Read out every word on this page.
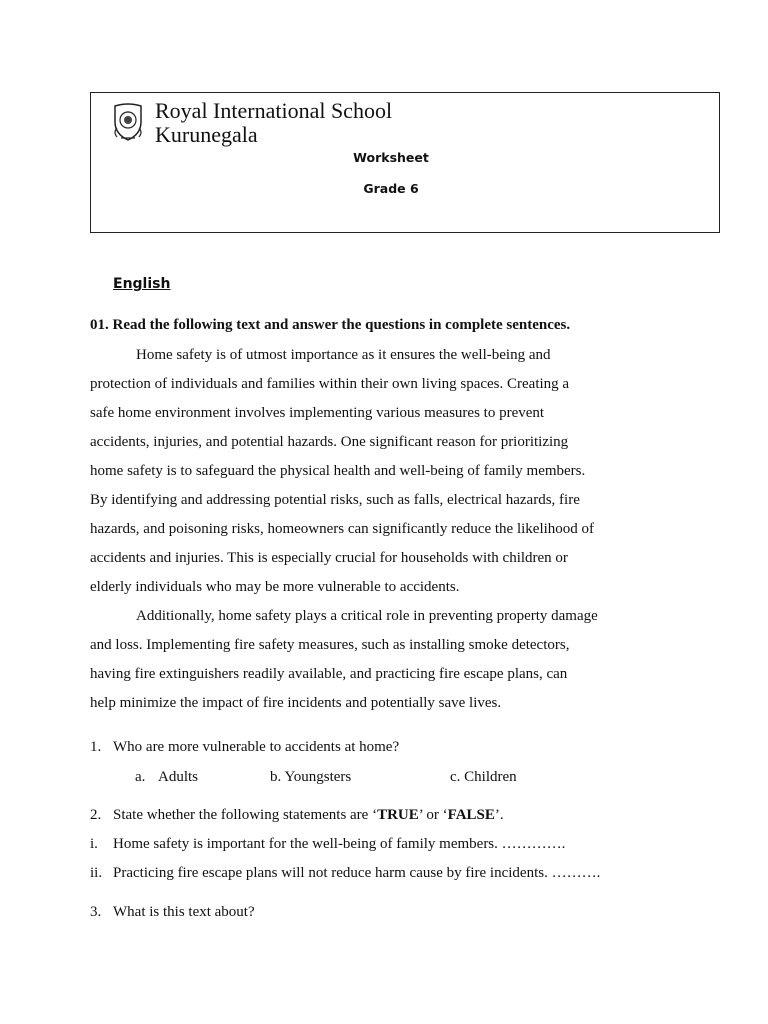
Royal International School
Kurunegala
Worksheet
Grade 6
English
01. Read the following text and answer the questions in complete sentences.

Home safety is of utmost importance as it ensures the well-being and
protection of individuals and families within their own living spaces. Creating a
safe home environment involves implementing various measures to prevent
accidents, injuries, and potential hazards. One significant reason for prioritizing
home safety is to safeguard the physical health and well-being of family members.
By identifying and addressing potential risks, such as falls, electrical hazards, fire
hazards, and poisoning risks, homeowners can significantly reduce the likelihood of
accidents and injuries. This is especially crucial for households with children or
elderly individuals who may be more vulnerable to accidents.

Additionally, home safety plays a critical role in preventing property damage
and loss. Implementing fire safety measures, such as installing smoke detectors,
having fire extinguishers readily available, and practicing fire escape plans, can
help minimize the impact of fire incidents and potentially save lives.

1. Who are more vulnerable to accidents at home?
a. Adults	b. Youngsters	c. Children
2. State whether the following statements are ‘TRUE’ or ‘FALSE’.
i. Home safety is important for the well-being of family members. ………….
ii. Practicing fire escape plans will not reduce harm cause by fire incidents. ……….
3. What is this text about?
